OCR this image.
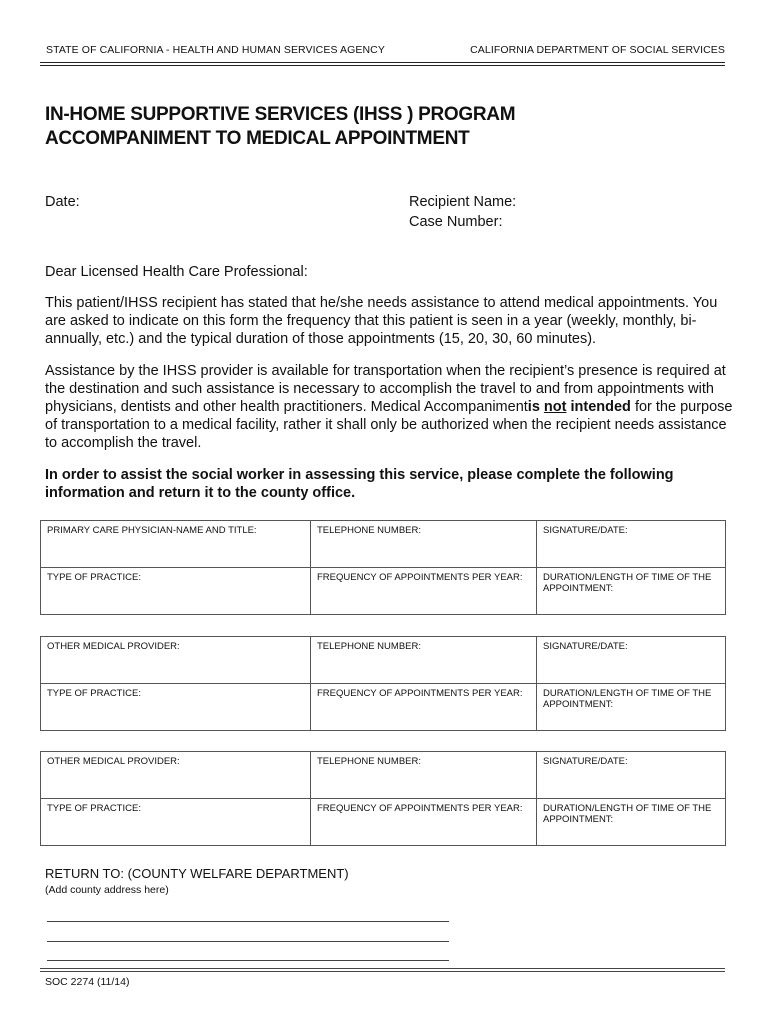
STATE OF CALIFORNIA - HEALTH AND HUMAN SERVICES AGENCY	CALIFORNIA DEPARTMENT OF SOCIAL SERVICES
IN-HOME SUPPORTIVE SERVICES (IHSS ) PROGRAM
ACCOMPANIMENT TO MEDICAL APPOINTMENT
Date:	Recipient Name:
Case Number:
Dear Licensed Health Care Professional:
This patient/IHSS recipient has stated that he/she needs assistance to attend medical appointments. You are asked to indicate on this form the frequency that this patient is seen in a year (weekly, monthly, bi-annually, etc.) and the typical duration of those appointments (15, 20, 30, 60 minutes).
Assistance by the IHSS provider is available for transportation when the recipient’s presence is required at the destination and such assistance is necessary to accomplish the travel to and from appointments with physicians, dentists and other health practitioners. Medical Accompanimentis not intended for the purpose of transportation to a medical facility, rather it shall only be authorized when the recipient needs assistance to accomplish the travel.
In order to assist the social worker in assessing this service, please complete the following information and return it to the county office.
PRIMARY CARE PHYSICIAN-NAME AND TITLE:	TELEPHONE NUMBER:	SIGNATURE/DATE:
TYPE OF PRACTICE:	FREQUENCY OF APPOINTMENTS PER YEAR:	DURATION/LENGTH OF TIME OF THE APPOINTMENT:
OTHER MEDICAL PROVIDER:	TELEPHONE NUMBER:	SIGNATURE/DATE:
TYPE OF PRACTICE:	FREQUENCY OF APPOINTMENTS PER YEAR:	DURATION/LENGTH OF TIME OF THE APPOINTMENT:
OTHER MEDICAL PROVIDER:	TELEPHONE NUMBER:	SIGNATURE/DATE:
TYPE OF PRACTICE:	FREQUENCY OF APPOINTMENTS PER YEAR:	DURATION/LENGTH OF TIME OF THE APPOINTMENT:
RETURN TO: (COUNTY WELFARE DEPARTMENT)
(Add county address here)
SOC 2274 (11/14)
